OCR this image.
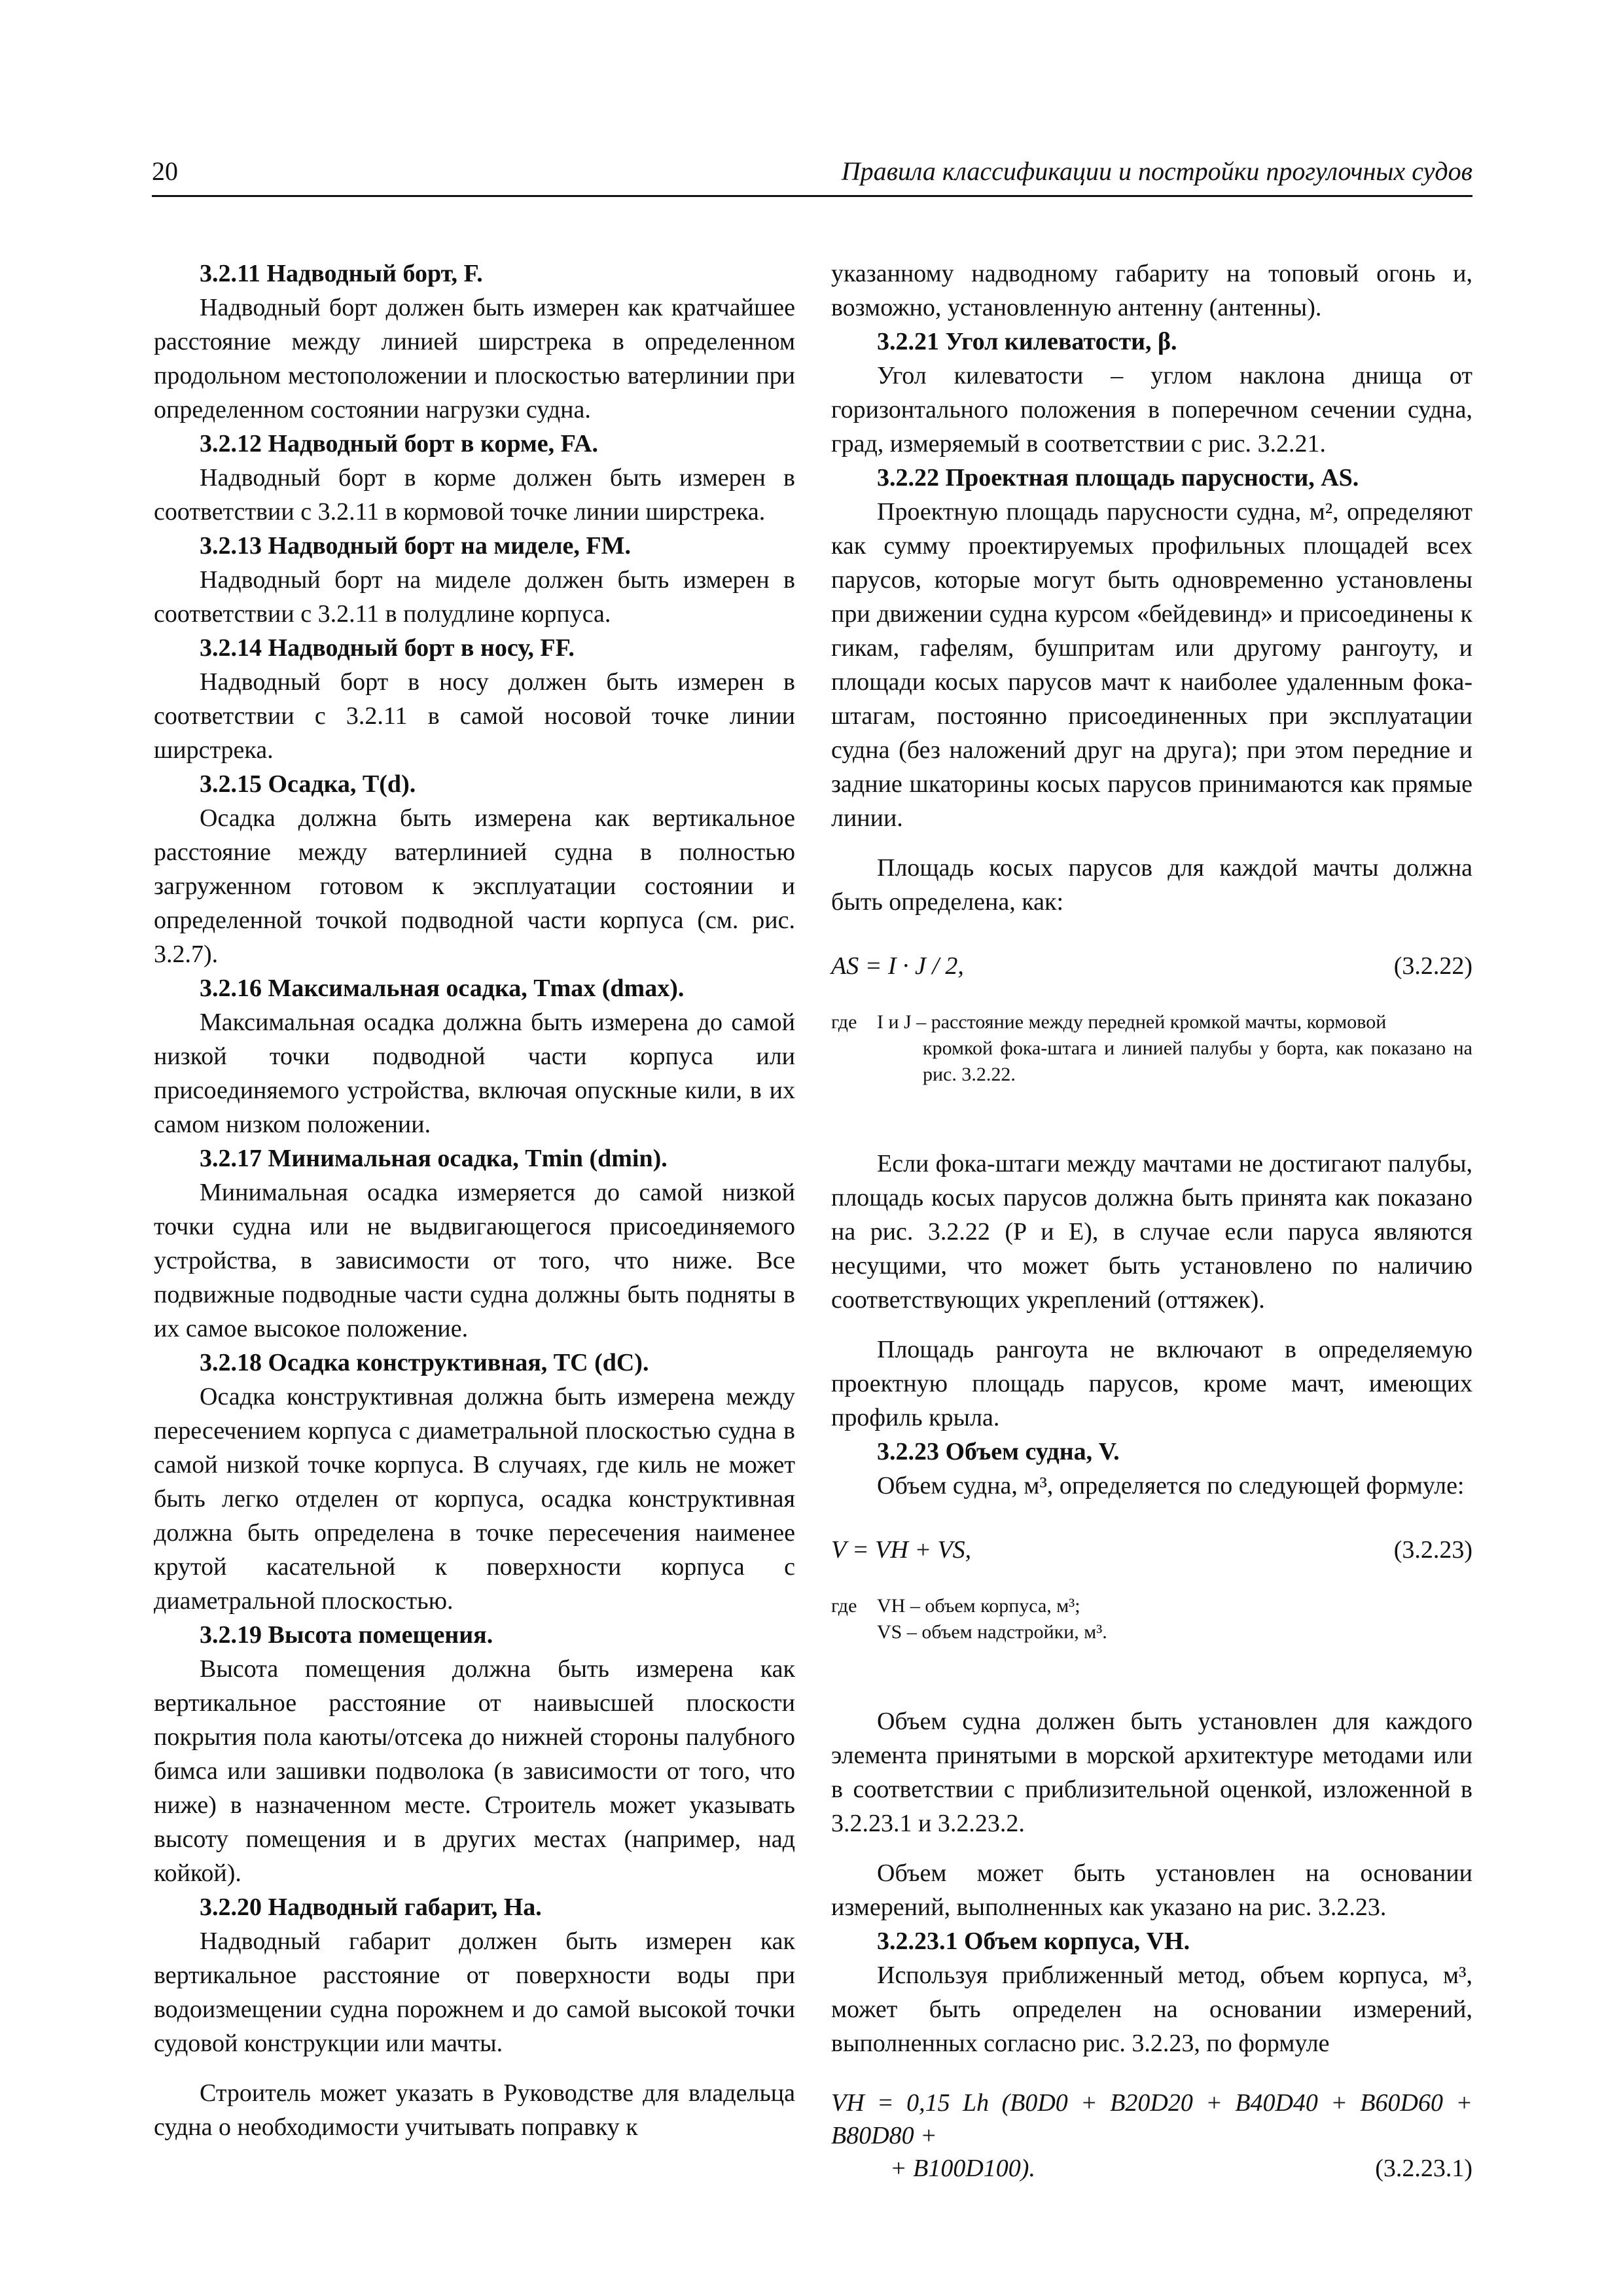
20	Правила классификации и постройки прогулочных судов

3.2.11 Надводный борт, F.

Надводный борт должен быть измерен как кратчайшее расстояние между линией ширстрека в определенном продольном местоположении и плоскостью ватерлинии при определенном состоянии нагрузки судна.

3.2.12 Надводный борт в корме, FA.

Надводный борт в корме должен быть измерен в соответствии с 3.2.11 в кормовой точке линии ширстрека.

3.2.13 Надводный борт на миделе, FM.

Надводный борт на миделе должен быть измерен в соответствии с 3.2.11 в полудлине корпуса.

3.2.14 Надводный борт в носу, FF.

Надводный борт в носу должен быть измерен в соответствии с 3.2.11 в самой носовой точке линии ширстрека.

3.2.15 Осадка, T(d).

Осадка должна быть измерена как вертикальное расстояние между ватерлинией судна в полностью загруженном готовом к эксплуатации состоянии и определенной точкой подводной части корпуса (см. рис. 3.2.7).

3.2.16 Максимальная осадка, Tmax (dmax).

Максимальная осадка должна быть измерена до самой низкой точки подводной части корпуса или присоединяемого устройства, включая опускные кили, в их самом низком положении.

3.2.17 Минимальная осадка, Tmin (dmin).

Минимальная осадка измеряется до самой низкой точки судна или не выдвигающегося присоединяемого устройства, в зависимости от того, что ниже. Все подвижные подводные части судна должны быть подняты в их самое высокое положение.

3.2.18 Осадка конструктивная, TC (dC).

Осадка конструктивная должна быть измерена между пересечением корпуса с диаметральной плоскостью судна в самой низкой точке корпуса. В случаях, где киль не может быть легко отделен от корпуса, осадка конструктивная должна быть определена в точке пересечения наименее крутой касательной к поверхности корпуса с диаметральной плоскостью.

3.2.19 Высота помещения.

Высота помещения должна быть измерена как вертикальное расстояние от наивысшей плоскости покрытия пола каюты/отсека до нижней стороны палубного бимса или зашивки подволока (в зависимости от того, что ниже) в назначенном месте. Строитель может указывать высоту помещения и в других местах (например, над койкой).

3.2.20 Надводный габарит, Ha.

Надводный габарит должен быть измерен как вертикальное расстояние от поверхности воды при водоизмещении судна порожнем и до самой высокой точки судовой конструкции или мачты.

Строитель может указать в Руководстве для владельца судна о необходимости учитывать поправку к

указанному надводному габариту на топовый огонь и, возможно, установленную антенну (антенны).

3.2.21 Угол килеватости, β.

Угол килеватости – углом наклона днища от горизонтального положения в поперечном сечении судна, град, измеряемый в соответствии с рис. 3.2.21.

3.2.22 Проектная площадь парусности, AS.

Проектную площадь парусности судна, м², определяют как сумму проектируемых профильных площадей всех парусов, которые могут быть одновременно установлены при движении судна курсом «бейдевинд» и присоединены к гикам, гафелям, бушпритам или другому рангоуту, и площади косых парусов мачт к наиболее удаленным фока-штагам, постоянно присоединенных при эксплуатации судна (без наложений друг на друга); при этом передние и задние шкаторины косых парусов принимаются как прямые линии.

Площадь косых парусов для каждой мачты должна быть определена, как:

AS = I · J / 2,	(3.2.22)
где	I и J – расстояние между передней кромкой мачты, кормовой
кромкой фока-штага и линией палубы у борта, как показано на рис. 3.2.22.

Если фока-штаги между мачтами не достигают палубы, площадь косых парусов должна быть принята как показано на рис. 3.2.22 (P и E), в случае если паруса являются несущими, что может быть установлено по наличию соответствующих укреплений (оттяжек).

Площадь рангоута не включают в определяемую проектную площадь парусов, кроме мачт, имеющих профиль крыла.

3.2.23 Объем судна, V.

Объем судна, м³, определяется по следующей формуле:

V = VH + VS,	(3.2.23)
где	VH – объем корпуса, м³;
VS – объем надстройки, м³.

Объем судна должен быть установлен для каждого элемента принятыми в морской архитектуре методами или в соответствии с приблизительной оценкой, изложенной в 3.2.23.1 и 3.2.23.2.

Объем может быть установлен на основании измерений, выполненных как указано на рис. 3.2.23.

3.2.23.1 Объем корпуса, VH.

Используя приближенный метод, объем корпуса, м³, может быть определен на основании измерений, выполненных согласно рис. 3.2.23, по формуле

VH = 0,15 Lh (B0D0 + B20D20 + B40D40 + B60D60 + B80D80 +
+ B100D100).	(3.2.23.1)
